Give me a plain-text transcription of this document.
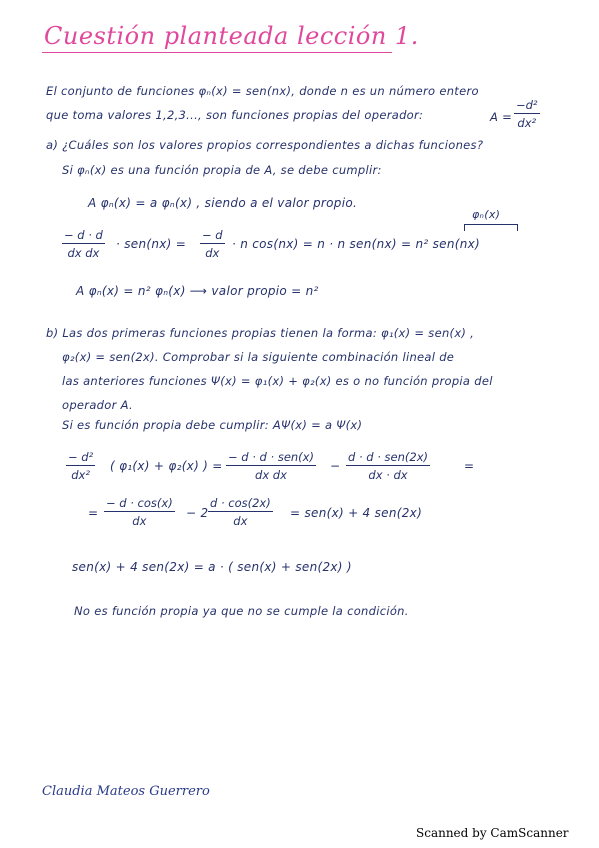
Cuestión planteada lección 1.
El conjunto de funciones φₙ(x) = sen(nx), donde n es un número entero
que toma valores 1,2,3..., son funciones propias del operador:	$A = \frac{\text{−d²}}{\text{dx²}}$
a) ¿Cuáles son los valores propios correspondientes a dichas funciones?
Si φₙ(x) es una función propia de A, se debe cumplir:
A φₙ(x) = a φₙ(x) , siendo a el valor propio.
φₙ(x)
$\frac{- d \cdot d}{\text{dx dx}} \cdot sen(nx) = \frac{- d}{dx} \cdot n$ cos(nx) = n · n sen(nx) = n² sen(nx)
A φₙ(x) = n² φₙ(x) ⟶ valor propio = n²
b) Las dos primeras funciones propias tienen la forma: φ₁(x) = sen(x) ,
φ₂(x) = sen(2x). Comprobar si la siguiente combinación lineal de
las anteriores funciones Ψ(x) = φ₁(x) + φ₂(x) es o no función propia del
operador A.
Si es función propia debe cumplir: AΨ(x) = a Ψ(x)
$\frac{\text{− d²}}{\text{dx²}}$ ( φ₁(x) + φ₂(x) ) =
− d · d · sen(x)
dx dx
−
d · d · sen(2x)
dx · dx
=
= $\frac{- d \cdot \cos(x)}{dx} - 2 \frac{d \cdot \cos(2x)}{dx} = sen(x) + 4$ sen(2x)
sen(x) + 4 sen(2x) = a · ( sen(x) + sen(2x) )
No es función propia ya que no se cumple la condición.
Claudia Mateos Guerrero
Scanned by CamScanner
